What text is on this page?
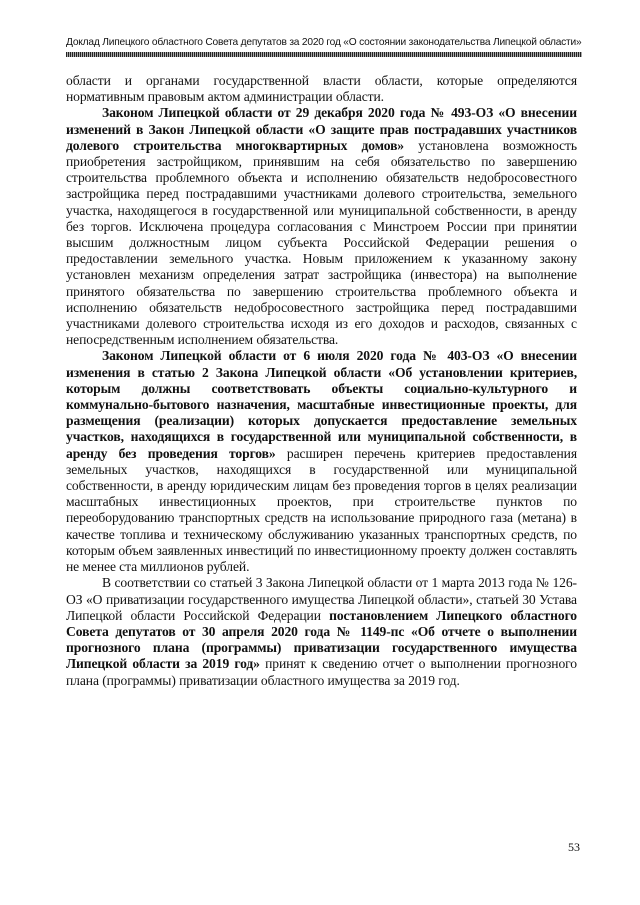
Доклад Липецкого областного Совета депутатов за 2020 год «О состоянии законодательства Липецкой области»

области и органами государственной власти области, которые определяются нормативным правовым актом администрации области.

Законом Липецкой области от 29 декабря 2020 года № 493-ОЗ «О внесении изменений в Закон Липецкой области «О защите прав пострадавших участников долевого строительства многоквартирных домов» установлена возможность приобретения застройщиком, принявшим на себя обязательство по завершению строительства проблемного объекта и исполнению обязательств недобросовестного застройщика перед пострадавшими участниками долевого строительства, земельного участка, находящегося в государственной или муниципальной собственности, в аренду без торгов. Исключена процедура согласования с Минстроем России при принятии высшим должностным лицом субъекта Российской Федерации решения о предоставлении земельного участка. Новым приложением к указанному закону установлен механизм определения затрат застройщика (инвестора) на выполнение принятого обязательства по завершению строительства проблемного объекта и исполнению обязательств недобросовестного застройщика перед пострадавшими участниками долевого строительства исходя из его доходов и расходов, связанных с непосредственным исполнением обязательства.

Законом Липецкой области от 6 июля 2020 года № 403-ОЗ «О внесении изменения в статью 2 Закона Липецкой области «Об установлении критериев, которым должны соответствовать объекты социально-культурного и коммунально-бытового назначения, масштабные инвестиционные проекты, для размещения (реализации) которых допускается предоставление земельных участков, находящихся в государственной или муниципальной собственности, в аренду без проведения торгов» расширен перечень критериев предоставления земельных участков, находящихся в государственной или муниципальной собственности, в аренду юридическим лицам без проведения торгов в целях реализации масштабных инвестиционных проектов, при строительстве пунктов по переоборудованию транспортных средств на использование природного газа (метана) в качестве топлива и техническому обслуживанию указанных транспортных средств, по которым объем заявленных инвестиций по инвестиционному проекту должен составлять не менее ста миллионов рублей.

В соответствии со статьей 3 Закона Липецкой области от 1 марта 2013 года № 126-ОЗ «О приватизации государственного имущества Липецкой области», статьей 30 Устава Липецкой области Российской Федерации постановлением Липецкого областного Совета депутатов от 30 апреля 2020 года № 1149-пс «Об отчете о выполнении прогнозного плана (программы) приватизации государственного имущества Липецкой области за 2019 год» принят к сведению отчет о выполнении прогнозного плана (программы) приватизации областного имущества за 2019 год.

53
